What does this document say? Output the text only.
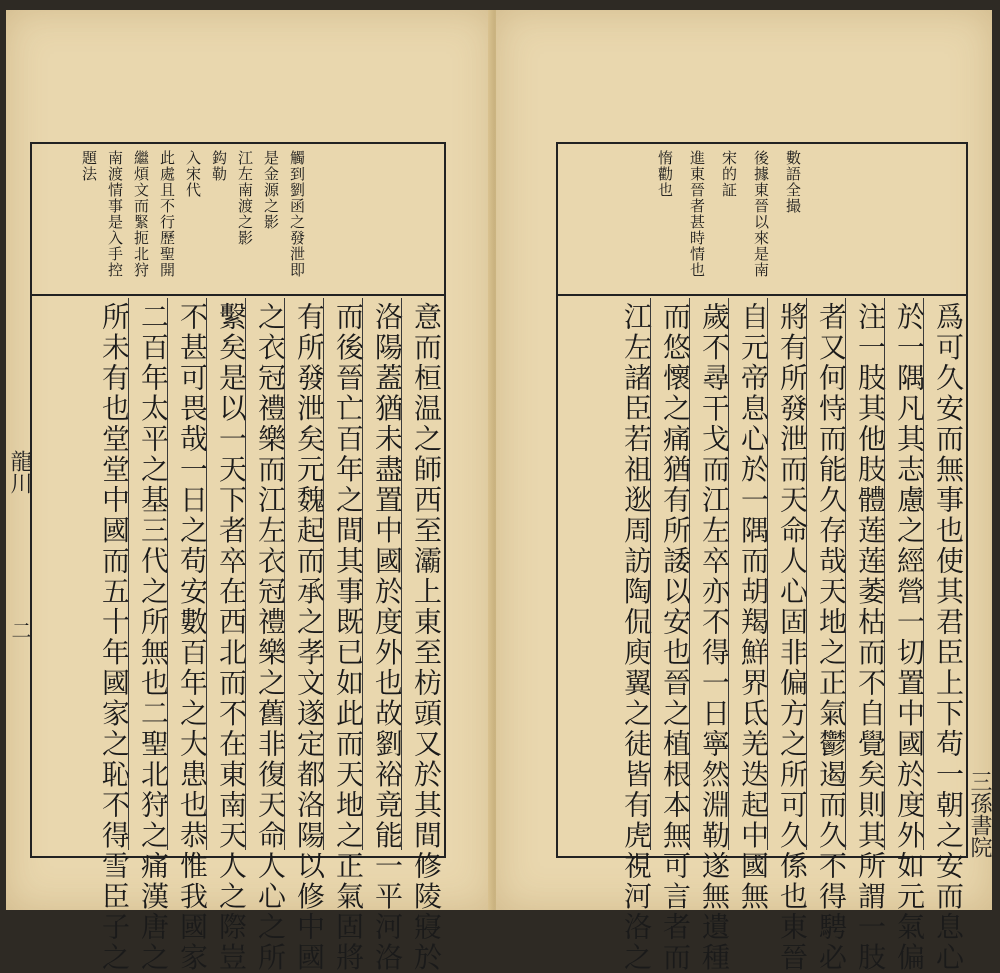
數語全撮
後據東晉以來是南
宋的証
進東晉者甚時情也
惰勸也
爲可久安而無事也使其君臣上下苟一朝之安而息心
於一隅凡其志慮之經營一切置中國於度外如元氣偏
注一肢其他肢體莲莲萎枯而不自覺矣則其所謂一肢
者又何恃而能久存哉天地之正氣鬱遏而久不得騁必
將有所發泄而天命人心固非偏方之所可久係也東晉
自元帝息心於一隅而胡羯鮮界氐羌迭起中國無
歲不尋干戈而江左卒亦不得一日寧然淵勒遂無遺種
而悠懷之痛猶有所諉以安也晉之植根本無可言者而
江左諸臣若祖逖周訪陶侃庾翼之徒皆有虎視河洛之	三孫書院
觸到劉函之發泄即
是金源之影
江左南渡之影
鈎勒
入宋代
此處且不行歷聖開
繼煩文而緊扼北狩
南渡情事是入手控
題法
意而桓温之師西至灞上東至枋頭又於其間修陵寢於
洛陽蓋猶未盡置中國於度外也故劉裕竟能一平河洛
而後晉亡百年之間其事既已如此而天地之正氣固將
有所發泄矣元魏起而承之孝文遂定都洛陽以修中國
之衣冠禮樂而江左衣冠禮樂之舊非復天命人心之所
繫矣是以一天下者卒在西北而不在東南天人之際豈
不甚可畏哉一日之苟安數百年之大患也恭惟我國家
二百年太平之基三代之所無也二聖北狩之痛漢唐之
所未有也堂堂中國而五十年國家之恥不得雪臣子之
龍川
二
